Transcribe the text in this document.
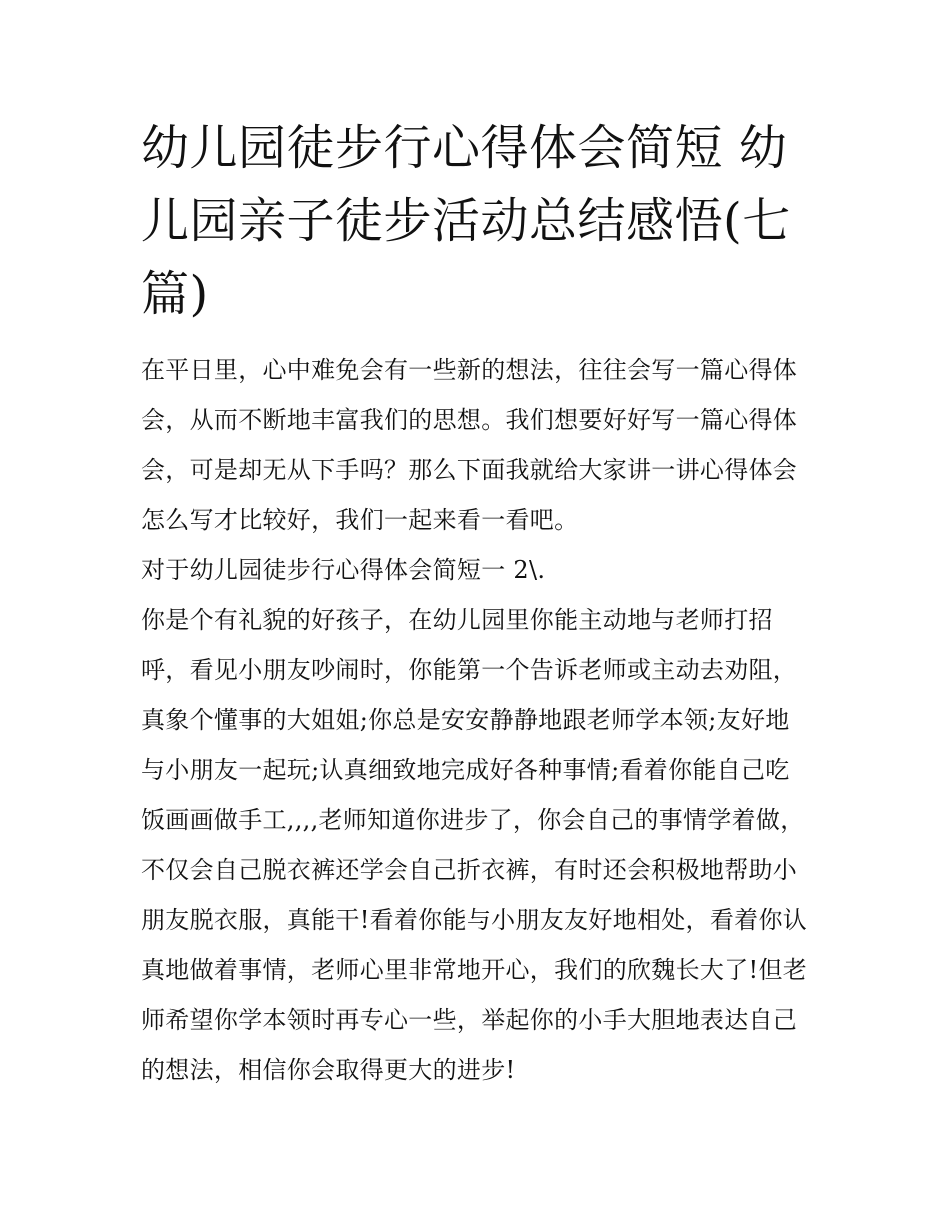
幼儿园徒步行心得体会简短 幼儿园亲子徒步活动总结感悟(七篇)

在平日里，心中难免会有一些新的想法，往往会写一篇心得体会，从而不断地丰富我们的思想。我们想要好好写一篇心得体会，可是却无从下手吗？那么下面我就给大家讲一讲心得体会怎么写才比较好，我们一起来看一看吧。

对于幼儿园徒步行心得体会简短一 2\.

你是个有礼貌的好孩子，在幼儿园里你能主动地与老师打招呼，看见小朋友吵闹时，你能第一个告诉老师或主动去劝阻，真象个懂事的大姐姐;你总是安安静静地跟老师学本领;友好地与小朋友一起玩;认真细致地完成好各种事情;看着你能自己吃饭画画做手工,,,,老师知道你进步了，你会自己的事情学着做，不仅会自己脱衣裤还学会自己折衣裤，有时还会积极地帮助小朋友脱衣服，真能干!看着你能与小朋友友好地相处，看着你认真地做着事情，老师心里非常地开心，我们的欣魏长大了!但老师希望你学本领时再专心一些，举起你的小手大胆地表达自己的想法，相信你会取得更大的进步!
